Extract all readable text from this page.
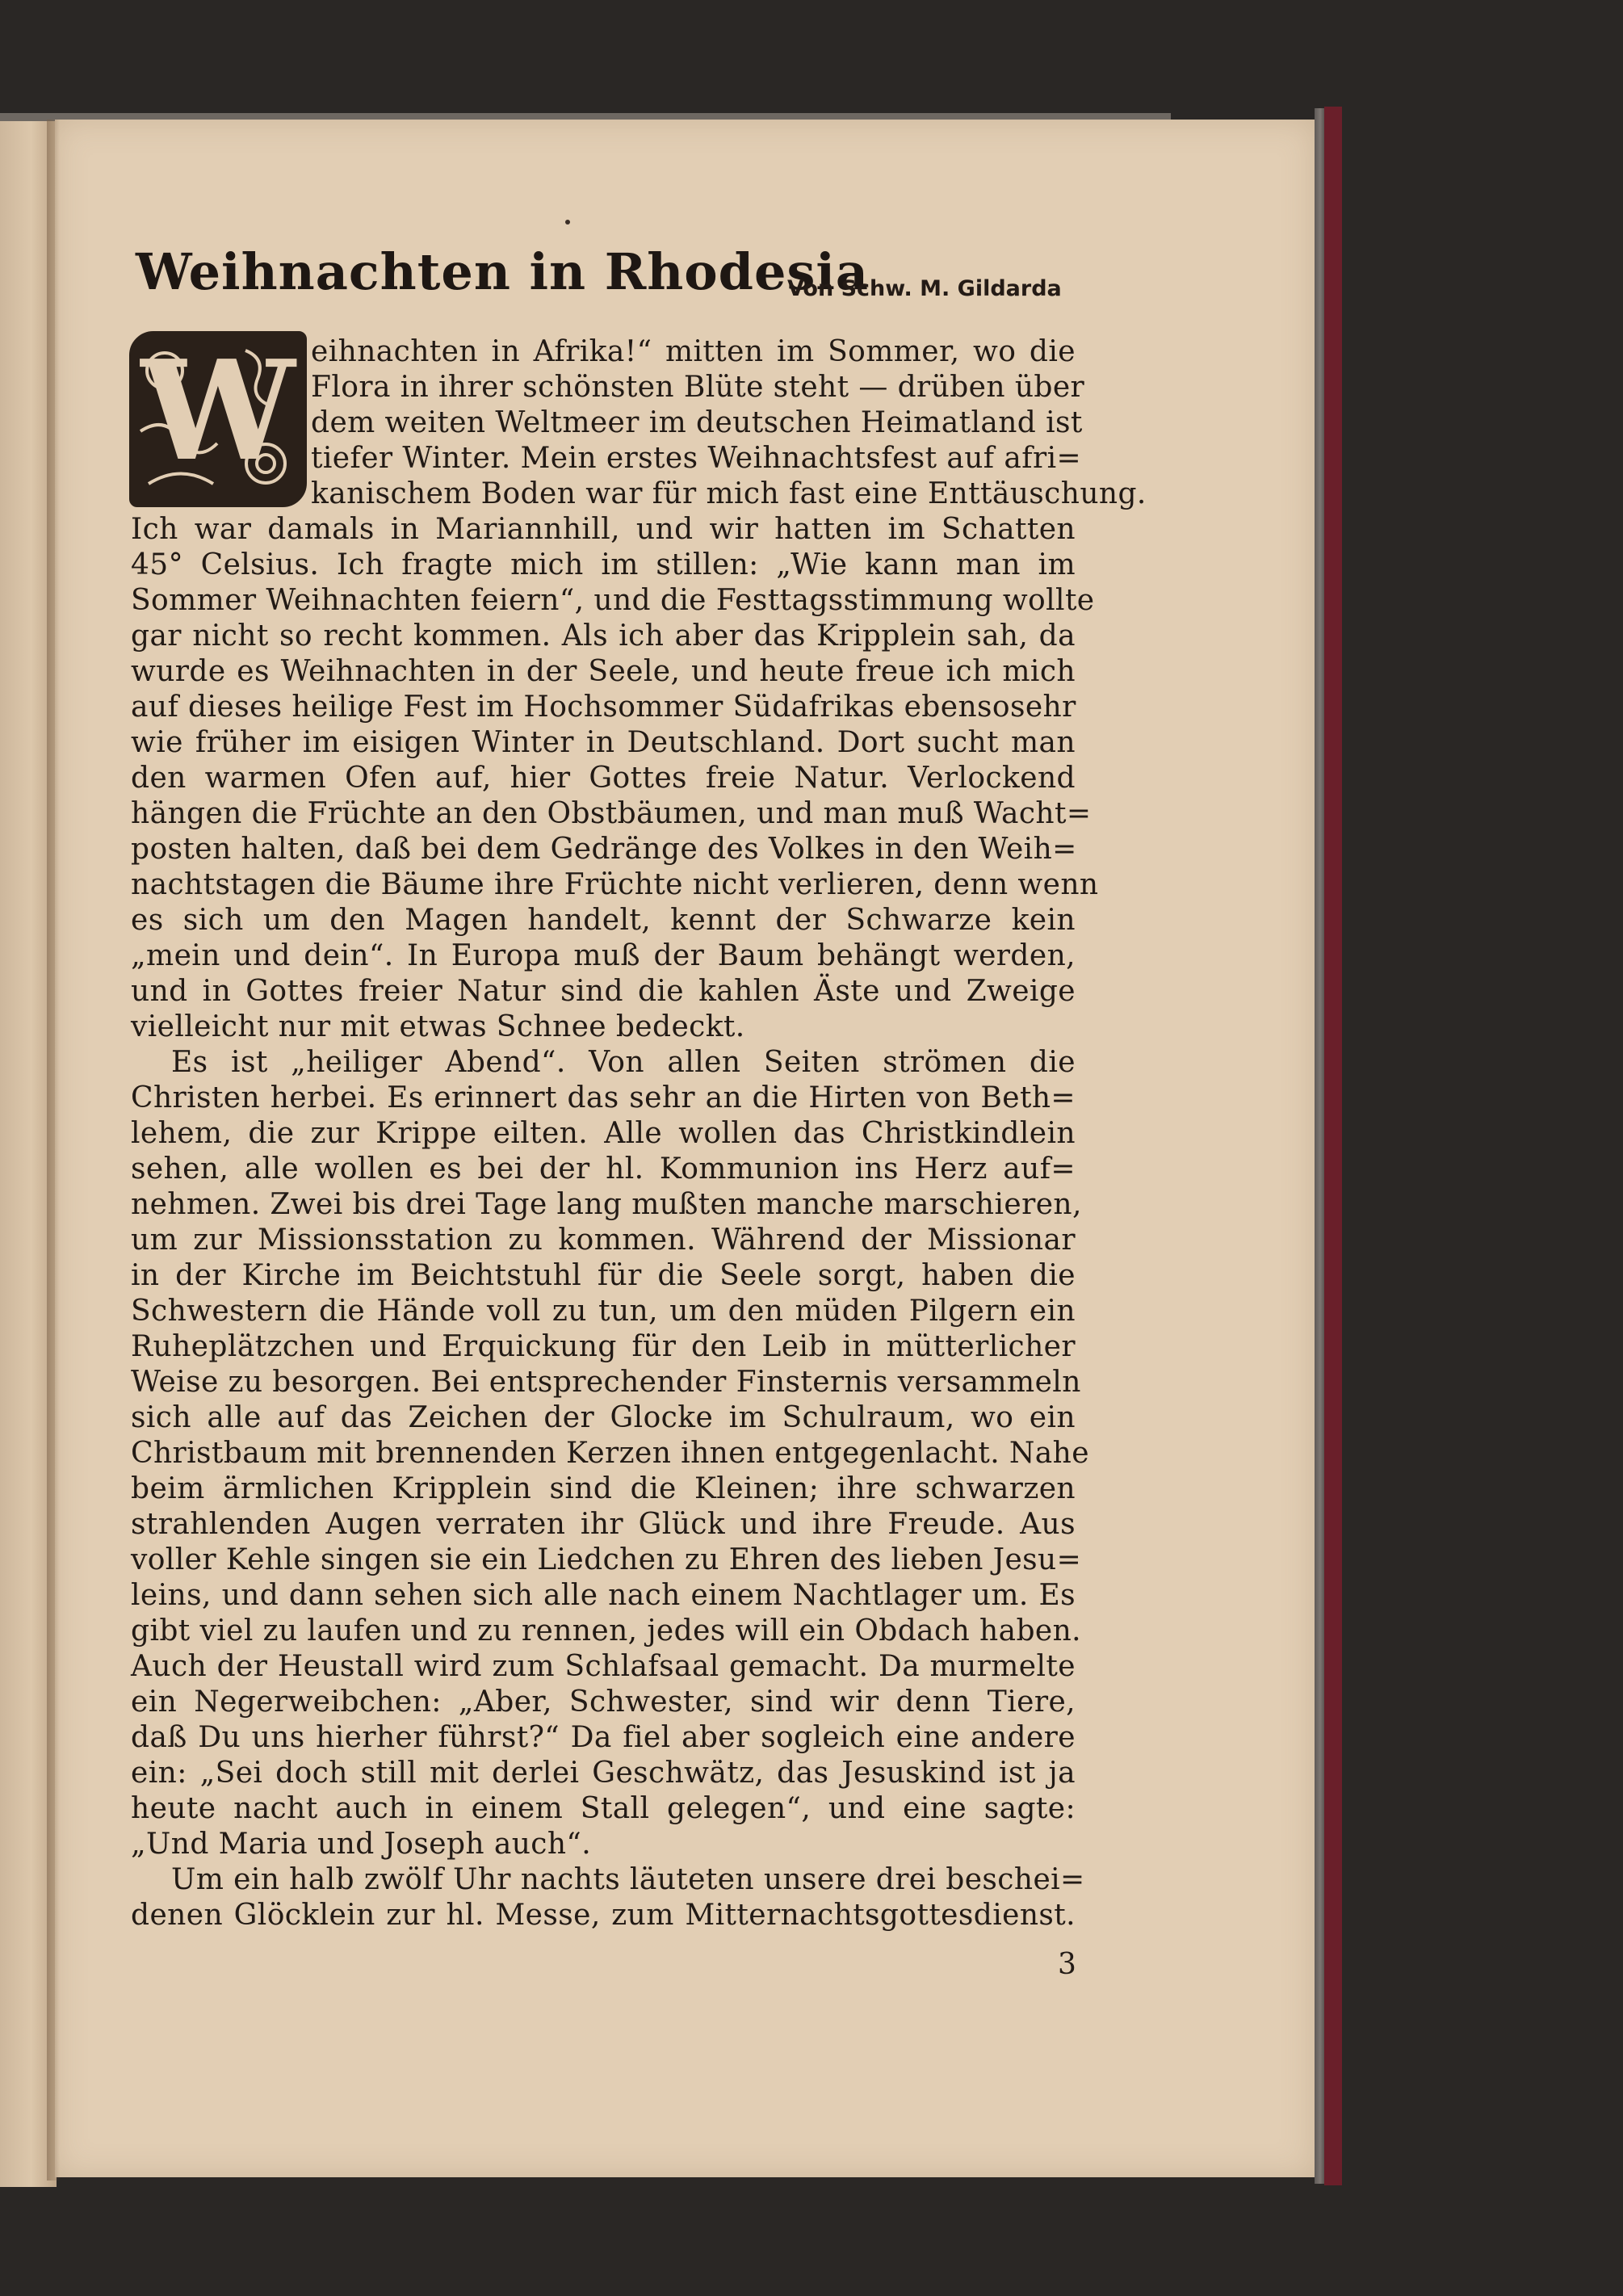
Weihnachten in Rhodesia
Von Schw. M. Gildarda
W eihnachten in Afrika!“ mitten im Sommer, wo die
Flora in ihrer schönsten Blüte steht — drüben über
dem weiten Weltmeer im deutschen Heimatland ist
tiefer Winter. Mein erstes Weihnachtsfest auf afri=
kanischem Boden war für mich fast eine Enttäuschung.
Ich war damals in Mariannhill, und wir hatten im Schatten
45° Celsius. Ich fragte mich im stillen: „Wie kann man im
Sommer Weihnachten feiern“, und die Festtagsstimmung wollte
gar nicht so recht kommen. Als ich aber das Kripplein sah, da
wurde es Weihnachten in der Seele, und heute freue ich mich
auf dieses heilige Fest im Hochsommer Südafrikas ebensosehr
wie früher im eisigen Winter in Deutschland. Dort sucht man
den warmen Ofen auf, hier Gottes freie Natur. Verlockend
hängen die Früchte an den Obstbäumen, und man muß Wacht=
posten halten, daß bei dem Gedränge des Volkes in den Weih=
nachtstagen die Bäume ihre Früchte nicht verlieren, denn wenn
es sich um den Magen handelt, kennt der Schwarze kein
„mein und dein“. In Europa muß der Baum behängt werden,
und in Gottes freier Natur sind die kahlen Äste und Zweige
vielleicht nur mit etwas Schnee bedeckt.
Es ist „heiliger Abend“. Von allen Seiten strömen die
Christen herbei. Es erinnert das sehr an die Hirten von Beth=
lehem, die zur Krippe eilten. Alle wollen das Christkindlein
sehen, alle wollen es bei der hl. Kommunion ins Herz auf=
nehmen. Zwei bis drei Tage lang mußten manche marschieren,
um zur Missionsstation zu kommen. Während der Missionar
in der Kirche im Beichtstuhl für die Seele sorgt, haben die
Schwestern die Hände voll zu tun, um den müden Pilgern ein
Ruheplätzchen und Erquickung für den Leib in mütterlicher
Weise zu besorgen. Bei entsprechender Finsternis versammeln
sich alle auf das Zeichen der Glocke im Schulraum, wo ein
Christbaum mit brennenden Kerzen ihnen entgegenlacht. Nahe
beim ärmlichen Kripplein sind die Kleinen; ihre schwarzen
strahlenden Augen verraten ihr Glück und ihre Freude. Aus
voller Kehle singen sie ein Liedchen zu Ehren des lieben Jesu=
leins, und dann sehen sich alle nach einem Nachtlager um. Es
gibt viel zu laufen und zu rennen, jedes will ein Obdach haben.
Auch der Heustall wird zum Schlafsaal gemacht. Da murmelte
ein Negerweibchen: „Aber, Schwester, sind wir denn Tiere,
daß Du uns hierher führst?“ Da fiel aber sogleich eine andere
ein: „Sei doch still mit derlei Geschwätz, das Jesuskind ist ja
heute nacht auch in einem Stall gelegen“, und eine sagte:
„Und Maria und Joseph auch“.
Um ein halb zwölf Uhr nachts läuteten unsere drei beschei=
denen Glöcklein zur hl. Messe, zum Mitternachtsgottesdienst.
3
